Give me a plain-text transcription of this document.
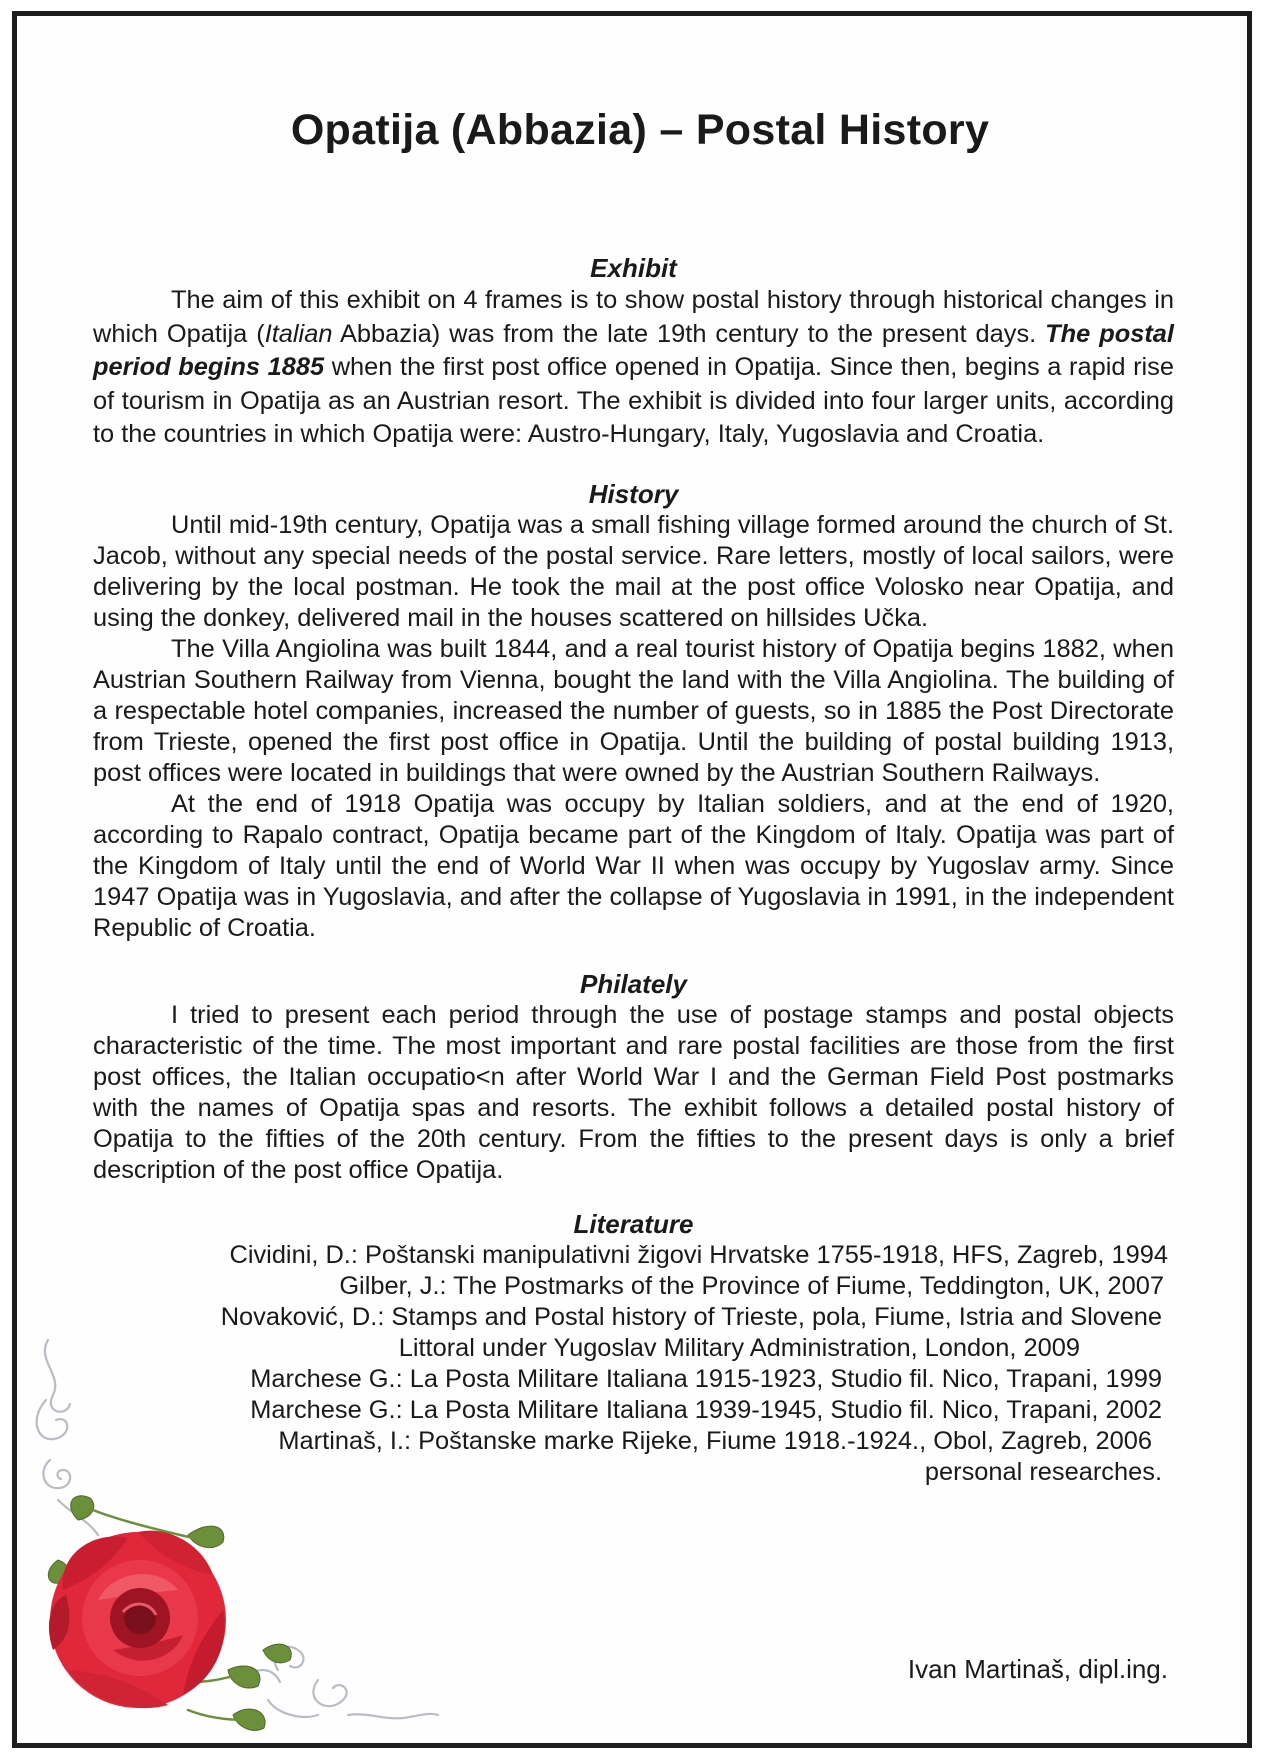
Opatija (Abbazia) – Postal History
Exhibit

The aim of this exhibit on 4 frames is to show postal history through historical changes in which Opatija (Italian Abbazia) was from the late 19th century to the present days. The postal period begins 1885 when the first post office opened in Opatija. Since then, begins a rapid rise of tourism in Opatija as an Austrian resort. The exhibit is divided into four larger units, according to the countries in which Opatija were: Austro-Hungary, Italy, Yugoslavia and Croatia.

History

Until mid-19th century, Opatija was a small fishing village formed around the church of St. Jacob, without any special needs of the postal service. Rare letters, mostly of local sailors, were delivering by the local postman. He took the mail at the post office Volosko near Opatija, and using the donkey, delivered mail in the houses scattered on hillsides Učka.

The Villa Angiolina was built 1844, and a real tourist history of Opatija begins 1882, when Austrian Southern Railway from Vienna, bought the land with the Villa Angiolina. The building of a respectable hotel companies, increased the number of guests, so in 1885 the Post Directorate from Trieste, opened the first post office in Opatija. Until the building of postal building 1913, post offices were located in buildings that were owned by the Austrian Southern Railways.

At the end of 1918 Opatija was occupy by Italian soldiers, and at the end of 1920, according to Rapalo contract, Opatija became part of the Kingdom of Italy. Opatija was part of the Kingdom of Italy until the end of World War II when was occupy by Yugoslav army. Since 1947 Opatija was in Yugoslavia, and after the collapse of Yugoslavia in 1991, in the independent Republic of Croatia.

Philately

I tried to present each period through the use of postage stamps and postal objects characteristic of the time. The most important and rare postal facilities are those from the first post offices, the Italian occupatio<n after World War I and the German Field Post postmarks with the names of Opatija spas and resorts. The exhibit follows a detailed postal history of Opatija to the fifties of the 20th century. From the fifties to the present days is only a brief description of the post office Opatija.

Literature
Cividini, D.: Poštanski manipulativni žigovi Hrvatske 1755-1918, HFS, Zagreb, 1994
Gilber, J.: The Postmarks of the Province of Fiume, Teddington, UK, 2007
Novaković, D.: Stamps and Postal history of Trieste, pola, Fiume, Istria and Slovene
Littoral under Yugoslav Military Administration, London, 2009
Marchese G.: La Posta Militare Italiana 1915-1923, Studio fil. Nico, Trapani, 1999
Marchese G.: La Posta Militare Italiana 1939-1945, Studio fil. Nico, Trapani, 2002
Martinaš, I.: Poštanske marke Rijeke, Fiume 1918.-1924., Obol, Zagreb, 2006
personal researches.
Ivan Martinaš, dipl.ing.
